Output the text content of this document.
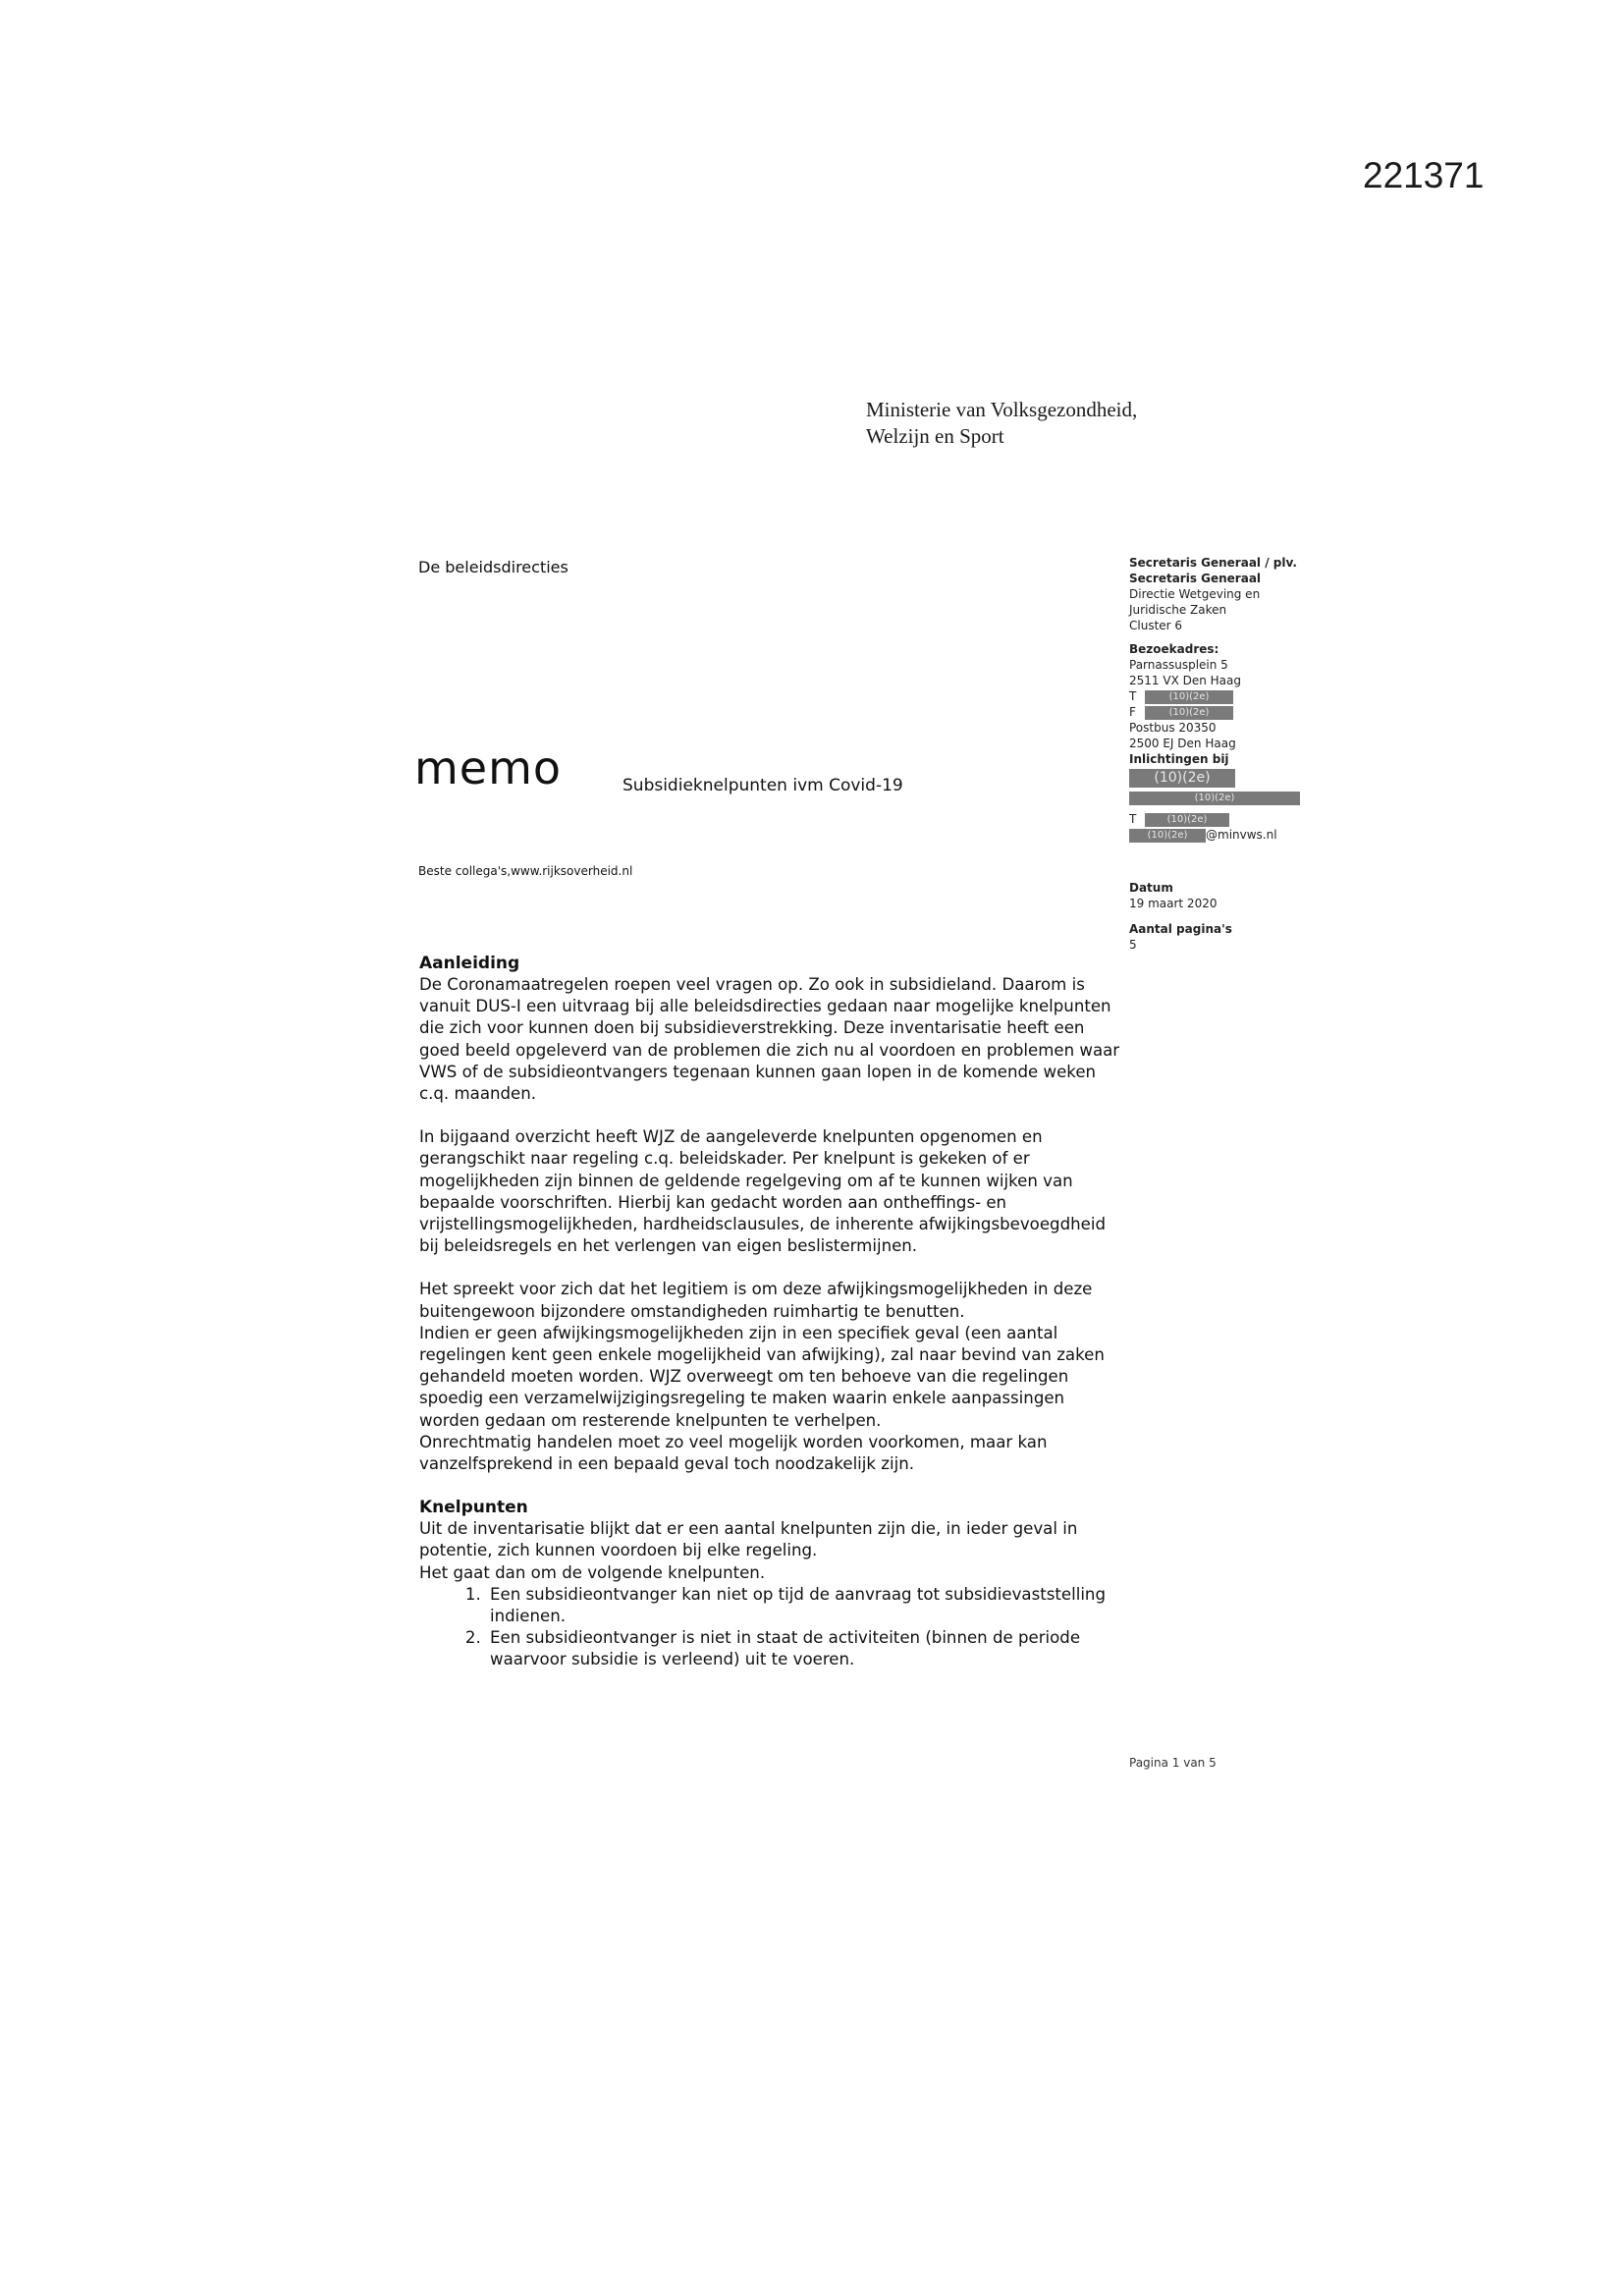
221371
Ministerie van Volksgezondheid,
Welzijn en Sport
De beleidsdirecties
memo	Subsidieknelpunten ivm Covid-19
Beste collega's,www.rijksoverheid.nl
Secretaris Generaal / plv.
Secretaris Generaal
Directie Wetgeving en
Juridische Zaken
Cluster 6
Bezoekadres:
Parnassusplein 5
2511 VX Den Haag
T	(10)(2e)
F	(10)(2e)
Postbus 20350
2500 EJ Den Haag
Inlichtingen bij
(10)(2e)
(10)(2e)
T	(10)(2e)
(10)(2e) @minvws.nl
Datum
19 maart 2020
Aantal pagina's
5
Aanleiding

De Coronamaatregelen roepen veel vragen op. Zo ook in subsidieland. Daarom is vanuit DUS-I een uitvraag bij alle beleidsdirecties gedaan naar mogelijke knelpunten die zich voor kunnen doen bij subsidieverstrekking. Deze inventarisatie heeft een goed beeld opgeleverd van de problemen die zich nu al voordoen en problemen waar VWS of de subsidieontvangers tegenaan kunnen gaan lopen in de komende weken c.q. maanden.

In bijgaand overzicht heeft WJZ de aangeleverde knelpunten opgenomen en gerangschikt naar regeling c.q. beleidskader. Per knelpunt is gekeken of er mogelijkheden zijn binnen de geldende regelgeving om af te kunnen wijken van bepaalde voorschriften. Hierbij kan gedacht worden aan ontheffings- en vrijstellingsmogelijkheden, hardheidsclausules, de inherente afwijkingsbevoegdheid bij beleidsregels en het verlengen van eigen beslistermijnen.

Het spreekt voor zich dat het legitiem is om deze afwijkingsmogelijkheden in deze buitengewoon bijzondere omstandigheden ruimhartig te benutten.

Indien er geen afwijkingsmogelijkheden zijn in een specifiek geval (een aantal regelingen kent geen enkele mogelijkheid van afwijking), zal naar bevind van zaken gehandeld moeten worden. WJZ overweegt om ten behoeve van die regelingen spoedig een verzamelwijzigingsregeling te maken waarin enkele aanpassingen worden gedaan om resterende knelpunten te verhelpen.

Onrechtmatig handelen moet zo veel mogelijk worden voorkomen, maar kan vanzelfsprekend in een bepaald geval toch noodzakelijk zijn.

Knelpunten

Uit de inventarisatie blijkt dat er een aantal knelpunten zijn die, in ieder geval in potentie, zich kunnen voordoen bij elke regeling.

Het gaat dan om de volgende knelpunten.

1. Een subsidieontvanger kan niet op tijd de aanvraag tot subsidievaststelling indienen.
2. Een subsidieontvanger is niet in staat de activiteiten (binnen de periode waarvoor subsidie is verleend) uit te voeren.
Pagina 1 van 5
